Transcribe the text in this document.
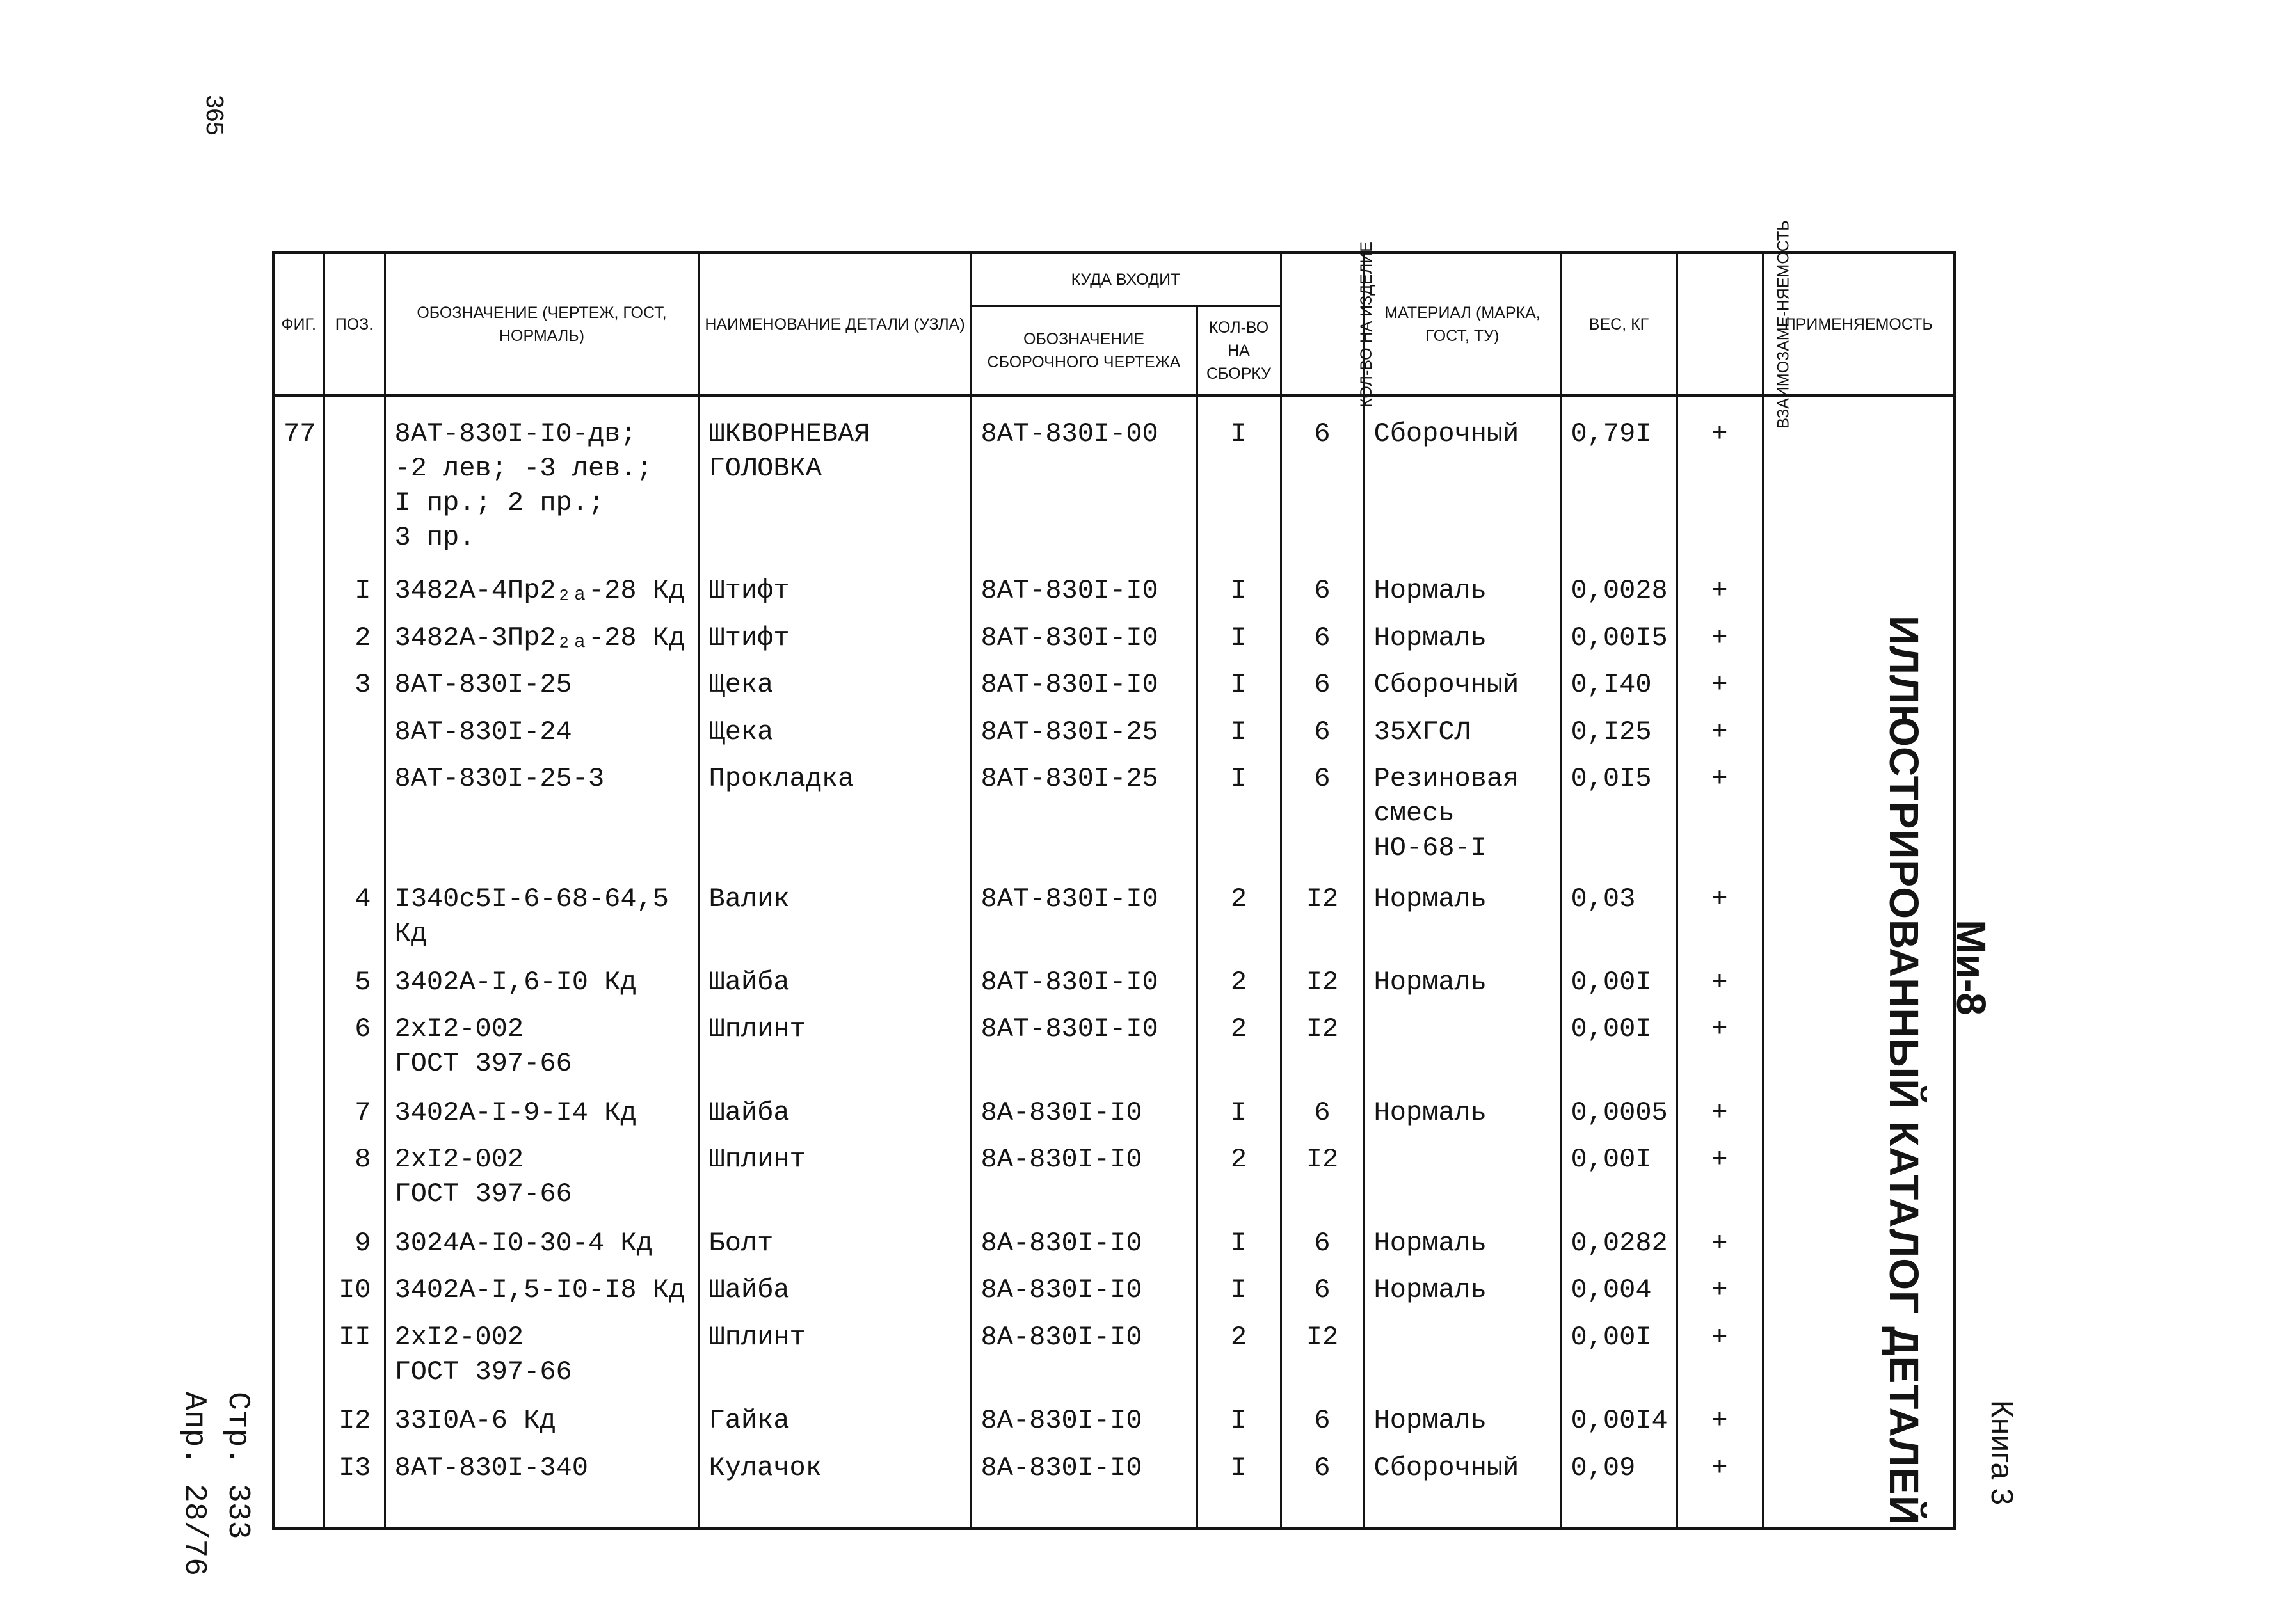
365
Ми-8
ИЛЛЮСТРИРОВАННЫЙ КАТАЛОГ ДЕТАЛЕЙ	Книга 3
Стр. 333
Апр. 28/76
ФИГ.	ПОЗ.	ОБОЗНАЧЕНИЕ (ЧЕРТЕЖ, ГОСТ, НОРМАЛЬ)	НАИМЕНОВАНИЕ ДЕТАЛИ (УЗЛА)	КУДА ВХОДИТ		КОЛ-ВО НА ИЗДЕЛИЕ	МАТЕРИАЛ (МАРКА, ГОСТ, ТУ)	ВЕС, КГ	ВЗАИМОЗАМЕ-НЯЕМОСТЬ	ПРИМЕНЯЕМОСТЬ
				ОБОЗНАЧЕНИЕ СБОРОЧНОГО ЧЕРТЕЖА	КОЛ-ВО НА СБОРКУ					
77		8AT-830I-I0-дв;
-2 лев; -3 лев.;
I пр.; 2 пр.;
3 пр.	ШКВОРНЕВАЯ ГОЛОВКА	8AT-830I-00	I	6	Сборочный	0,79I	+	
	I	3482A-4Пр2₂ₐ-28 Кд	Штифт	8AT-830I-I0	I	6	Нормаль	0,0028	+	
	2	3482A-3Пр2₂ₐ-28 Кд	Штифт	8AT-830I-I0	I	6	Нормаль	0,00I5	+	
	3	8AT-830I-25	Щека	8AT-830I-I0	I	6	Сборочный	0,I40	+	
		8AT-830I-24	Щека	8AT-830I-25	I	6	35ХГСЛ	0,I25	+	
		8AT-830I-25-3	Прокладка	8AT-830I-25	I	6	Резиновая
смесь
НО-68-I	0,0I5	+	
	4	I340c5I-6-68-64,5 Кд	Валик	8AT-830I-I0	2	I2	Нормаль	0,03	+	
	5	3402A-I,6-I0 Кд	Шайба	8AT-830I-I0	2	I2	Нормаль	0,00I	+	
	6	2xI2-002
ГОСТ 397-66	Шплинт	8AT-830I-I0	2	I2		0,00I	+	
	7	3402A-I-9-I4 Кд	Шайба	8A-830I-I0	I	6	Нормаль	0,0005	+	
	8	2xI2-002
ГОСТ 397-66	Шплинт	8A-830I-I0	2	I2		0,00I	+	
	9	3024A-I0-30-4 Кд	Болт	8A-830I-I0	I	6	Нормаль	0,0282	+	
	I0	3402A-I,5-I0-I8 Кд	Шайба	8A-830I-I0	I	6	Нормаль	0,004	+	
	II	2xI2-002
ГОСТ 397-66	Шплинт	8A-830I-I0	2	I2		0,00I	+	
	I2	33I0A-6 Кд	Гайка	8A-830I-I0	I	6	Нормаль	0,00I4	+	
	I3	8AT-830I-340	Кулачок	8A-830I-I0	I	6	Сборочный	0,09	+	
